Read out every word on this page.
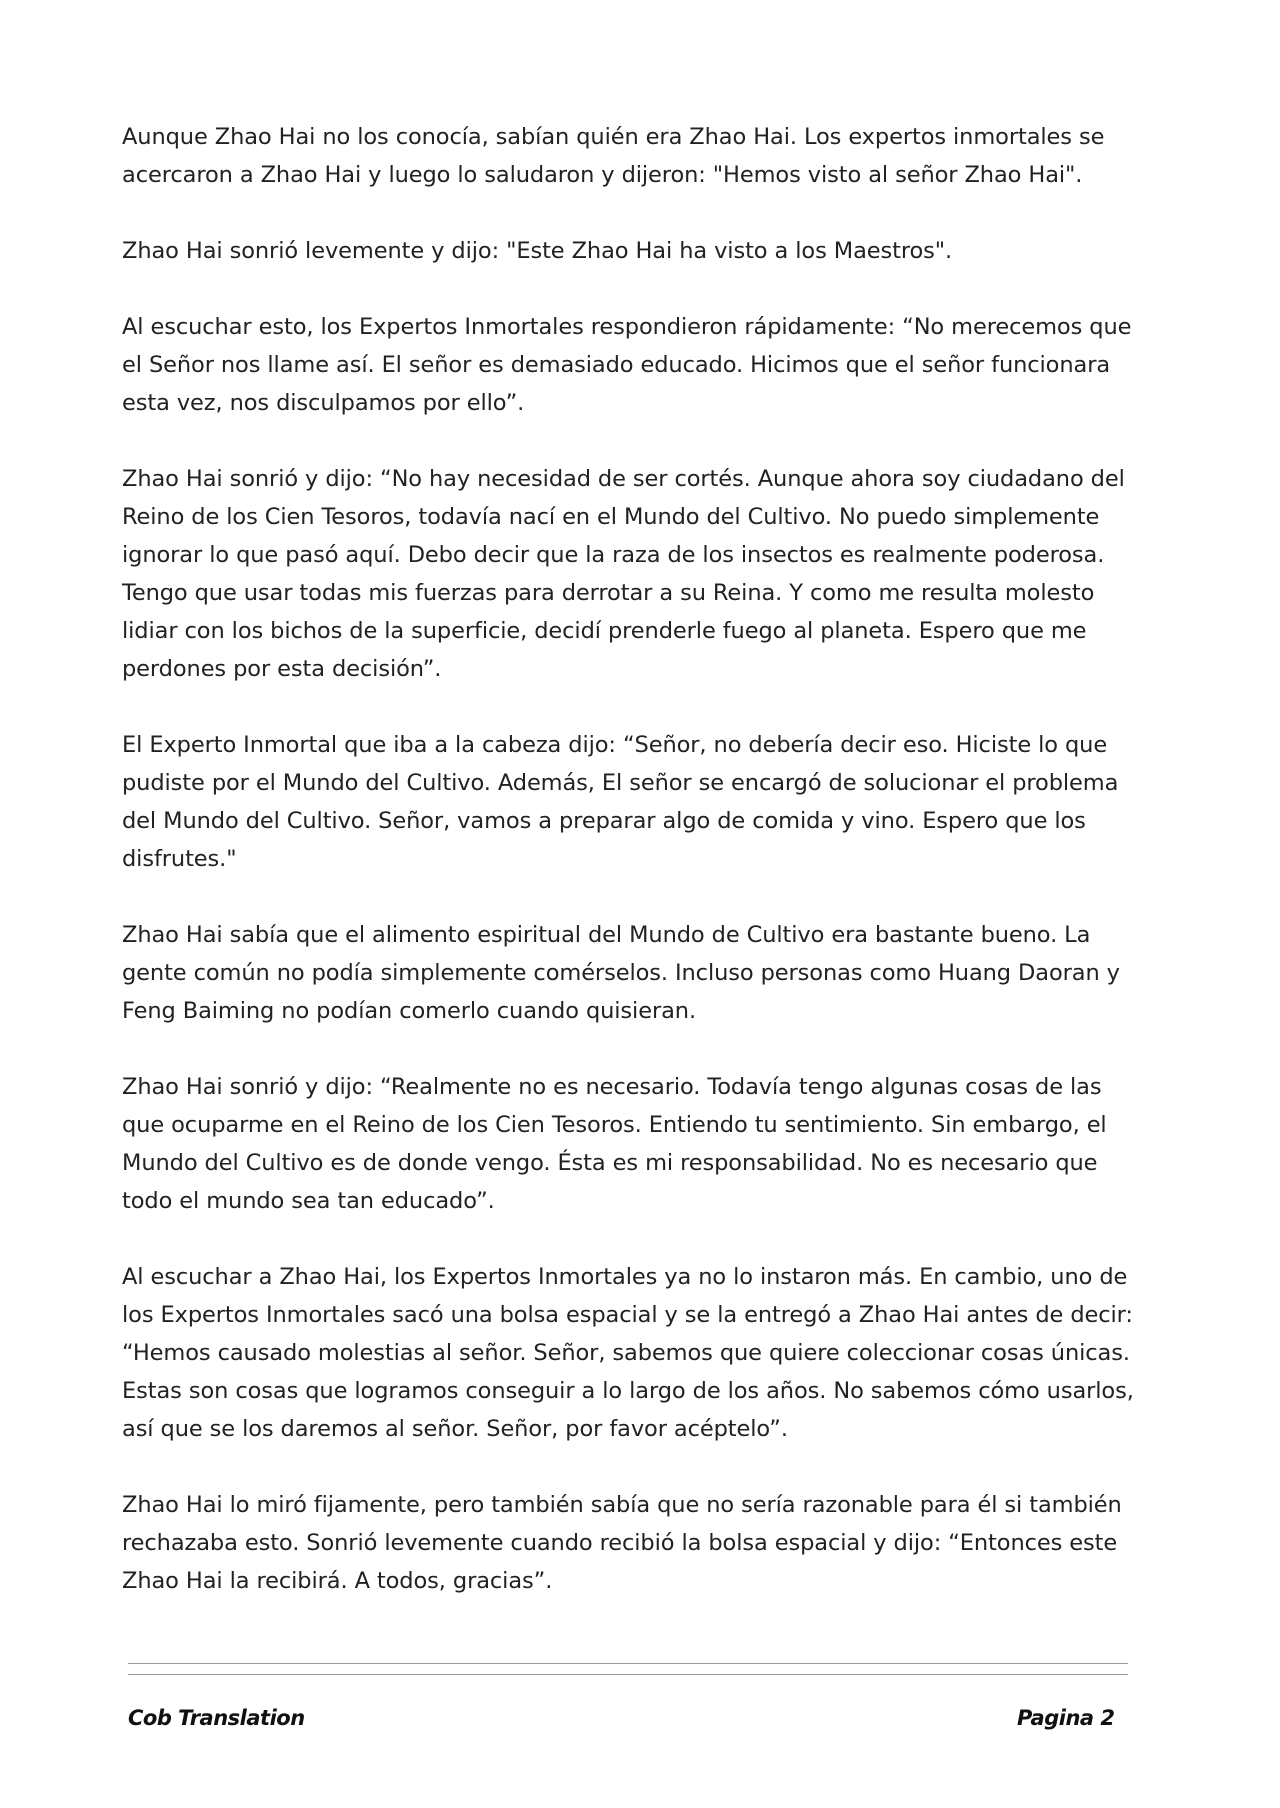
Aunque Zhao Hai no los conocía, sabían quién era Zhao Hai. Los expertos inmortales se acercaron a Zhao Hai y luego lo saludaron y dijeron: "Hemos visto al señor Zhao Hai".

Zhao Hai sonrió levemente y dijo: "Este Zhao Hai ha visto a los Maestros".

Al escuchar esto, los Expertos Inmortales respondieron rápidamente: “No merecemos que el Señor nos llame así. El señor es demasiado educado. Hicimos que el señor funcionara esta vez, nos disculpamos por ello”.

Zhao Hai sonrió y dijo: “No hay necesidad de ser cortés. Aunque ahora soy ciudadano del Reino de los Cien Tesoros, todavía nací en el Mundo del Cultivo. No puedo simplemente ignorar lo que pasó aquí. Debo decir que la raza de los insectos es realmente poderosa. Tengo que usar todas mis fuerzas para derrotar a su Reina. Y como me resulta molesto lidiar con los bichos de la superficie, decidí prenderle fuego al planeta. Espero que me perdones por esta decisión”.

El Experto Inmortal que iba a la cabeza dijo: “Señor, no debería decir eso. Hiciste lo que pudiste por el Mundo del Cultivo. Además, El señor se encargó de solucionar el problema del Mundo del Cultivo. Señor, vamos a preparar algo de comida y vino. Espero que los disfrutes."

Zhao Hai sabía que el alimento espiritual del Mundo de Cultivo era bastante bueno. La gente común no podía simplemente comérselos. Incluso personas como Huang Daoran y Feng Baiming no podían comerlo cuando quisieran.

Zhao Hai sonrió y dijo: “Realmente no es necesario. Todavía tengo algunas cosas de las que ocuparme en el Reino de los Cien Tesoros. Entiendo tu sentimiento. Sin embargo, el Mundo del Cultivo es de donde vengo. Ésta es mi responsabilidad. No es necesario que todo el mundo sea tan educado”.

Al escuchar a Zhao Hai, los Expertos Inmortales ya no lo instaron más. En cambio, uno de los Expertos Inmortales sacó una bolsa espacial y se la entregó a Zhao Hai antes de decir: “Hemos causado molestias al señor. Señor, sabemos que quiere coleccionar cosas únicas. Estas son cosas que logramos conseguir a lo largo de los años. No sabemos cómo usarlos, así que se los daremos al señor. Señor, por favor acéptelo”.

Zhao Hai lo miró fijamente, pero también sabía que no sería razonable para él si también rechazaba esto. Sonrió levemente cuando recibió la bolsa espacial y dijo: “Entonces este Zhao Hai la recibirá. A todos, gracias”.

Cob Translation	Pagina 2
